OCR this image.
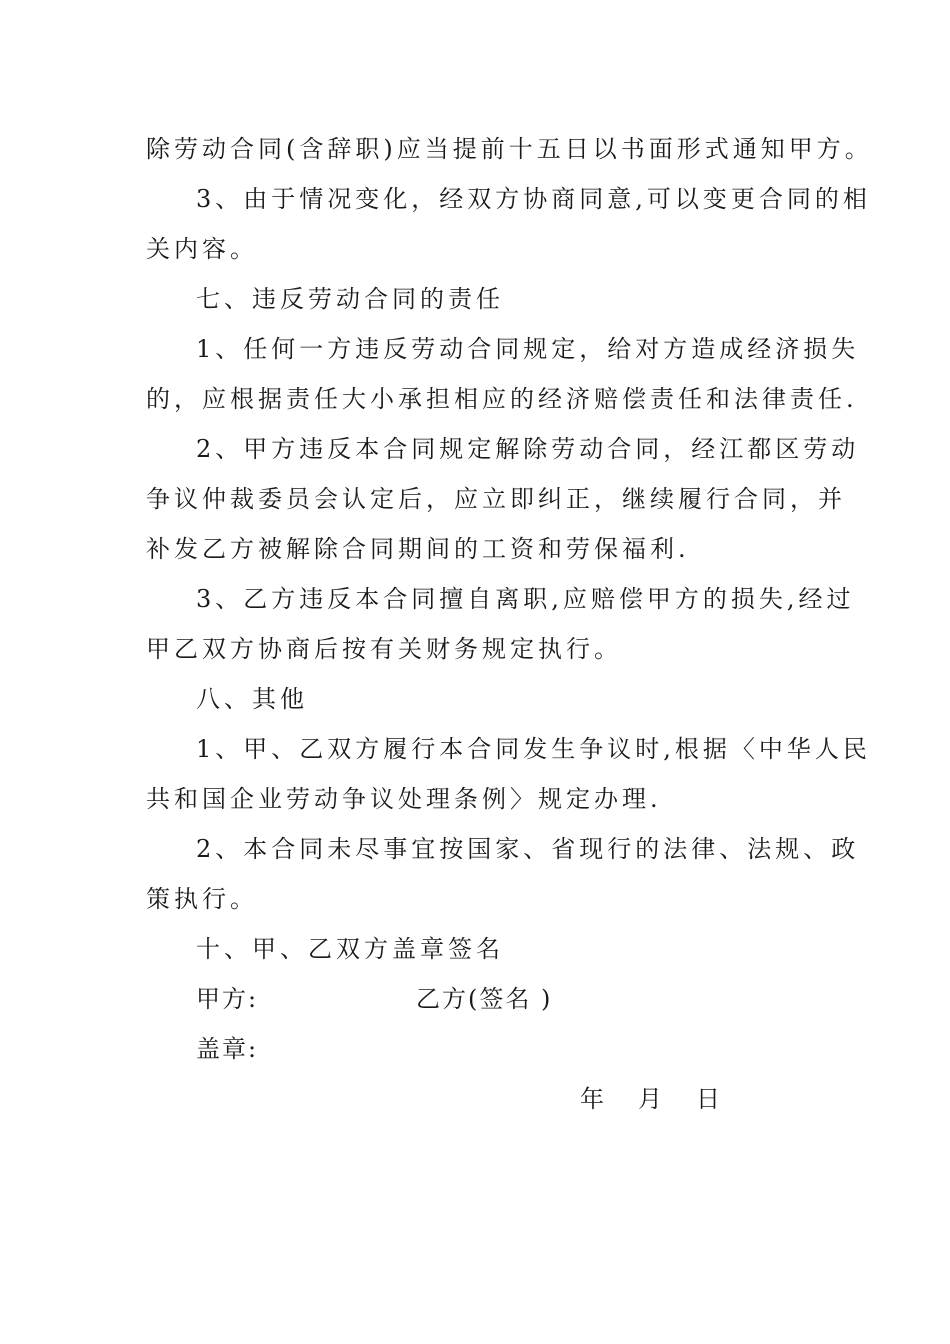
除劳动合同(含辞职)应当提前十五日以书面形式通知甲方。
3、由于情况变化，经双方协商同意,可以变更合同的相
关内容。
七、违反劳动合同的责任
1、任何一方违反劳动合同规定，给对方造成经济损失
的，应根据责任大小承担相应的经济赔偿责任和法律责任.
2、甲方违反本合同规定解除劳动合同，经江都区劳动
争议仲裁委员会认定后，应立即纠正，继续履行合同，并
补发乙方被解除合同期间的工资和劳保福利.
3、乙方违反本合同擅自离职,应赔偿甲方的损失,经过
甲乙双方协商后按有关财务规定执行。
八、其他
1、甲、乙双方履行本合同发生争议时,根据〈中华人民
共和国企业劳动争议处理条例〉规定办理.
2、本合同未尽事宜按国家、省现行的法律、法规、政
策执行。
十、甲、乙双方盖章签名
甲方:	乙方(签名 )
盖章:
年 月 日
